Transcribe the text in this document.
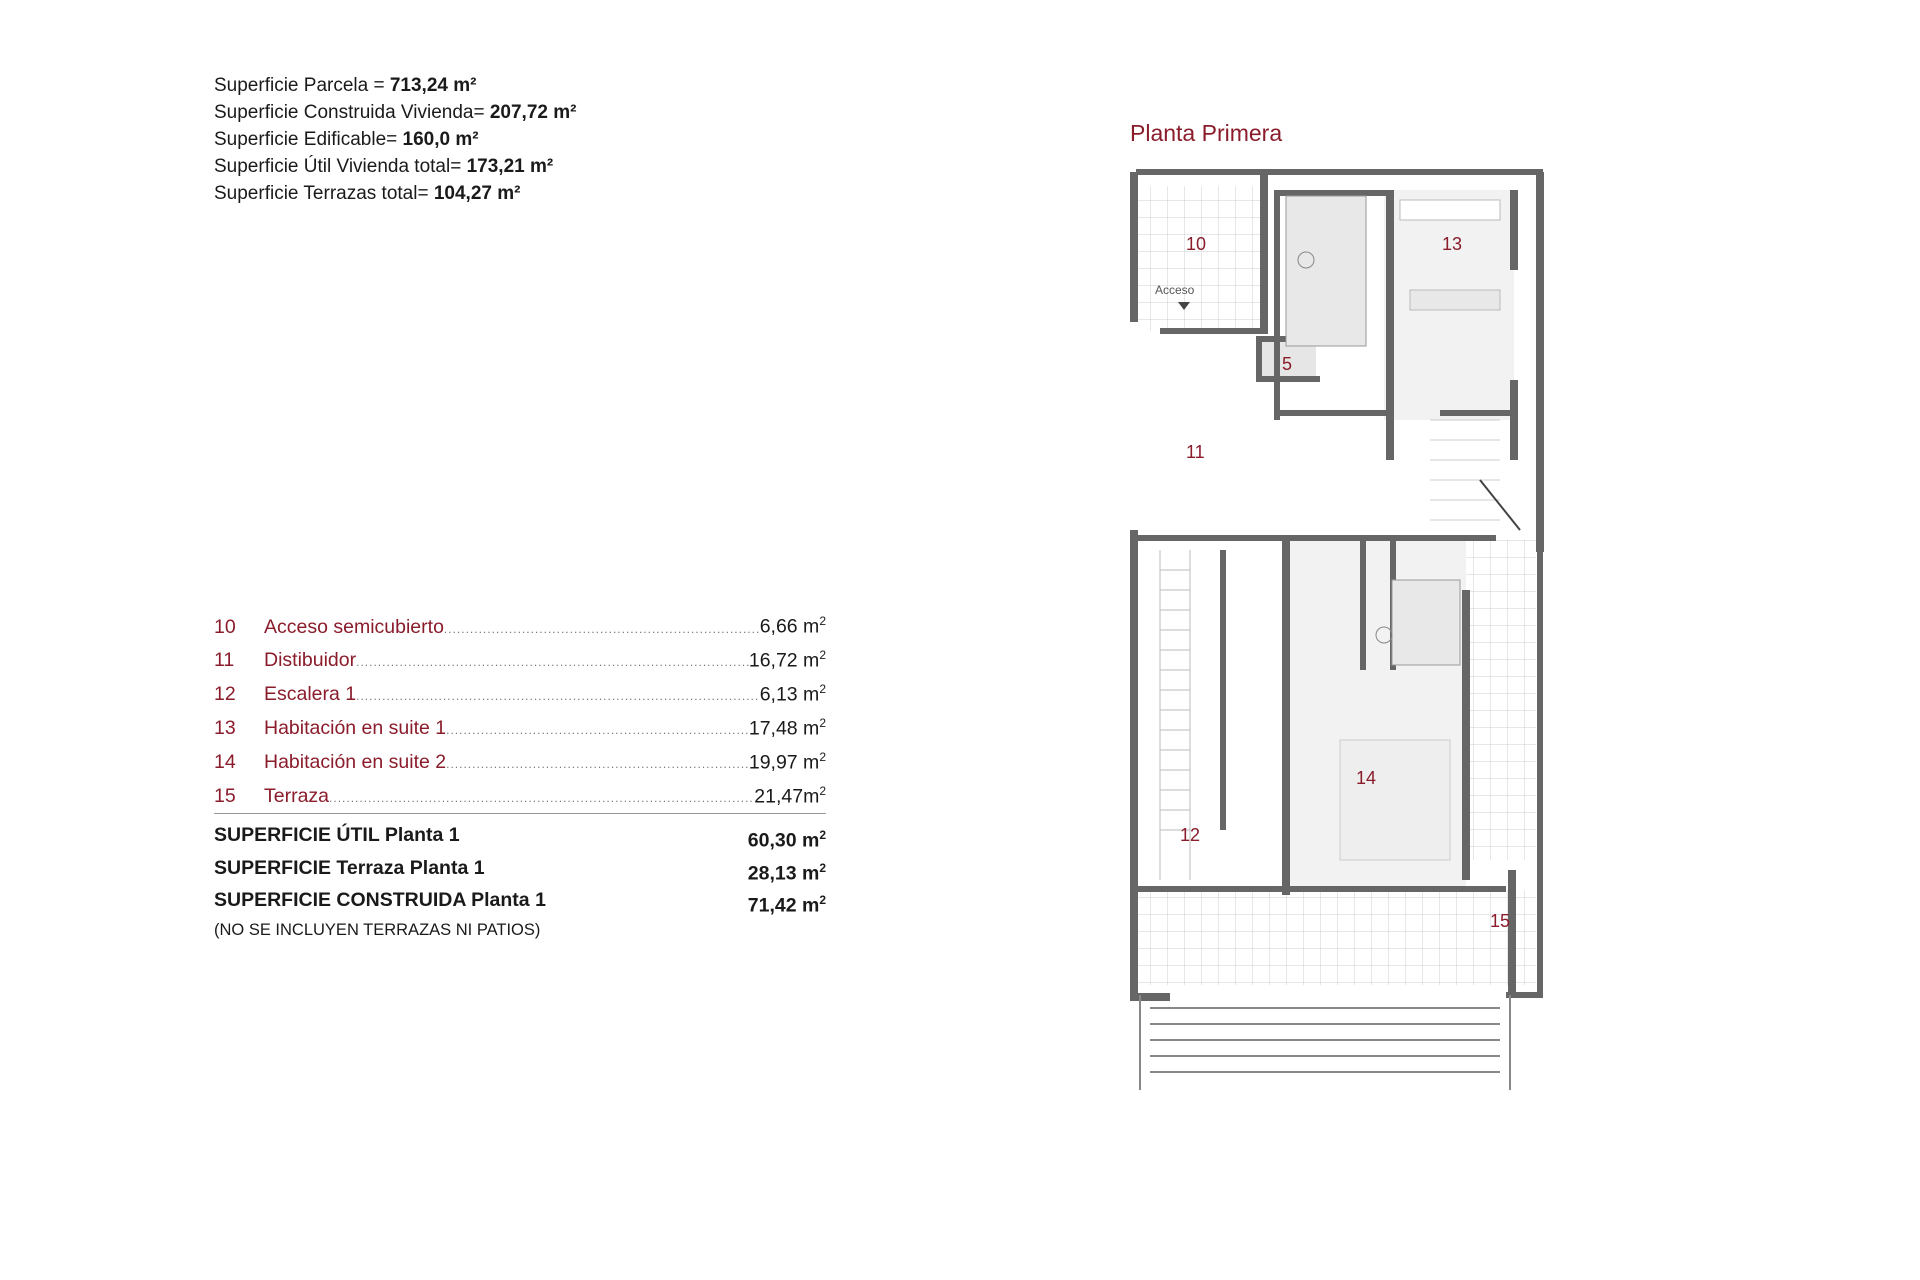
Superficie Parcela = 713,24 m²
Superficie Construida Vivienda= 207,72 m²
Superficie Edificable= 160,0 m²
Superficie Útil Vivienda total= 173,21 m²
Superficie Terrazas total= 104,27 m²
10	Acceso semicubierto .....	6,66 $m^2$
11	Distibuidor .....	16,72 $m^2$
12	Escalera 1 .....	6,13 $m^2$
13	Habitación en suite 1 .....	17,48 $m^2$
14	Habitación en suite 2 .....	19,97 $m^2$
15	Terraza .....	$21,47m^2$
SUPERFICIE ÚTIL Planta 1	60,30 $m^2$
SUPERFICIE Terraza Planta 1	28,13 $m^2$
SUPERFICIE CONSTRUIDA Planta 1	71,42 $m^2$
(NO SE INCLUYEN TERRAZAS NI PATIOS)
Planta Primera
Acceso
10	13
5
11
14
12
15
